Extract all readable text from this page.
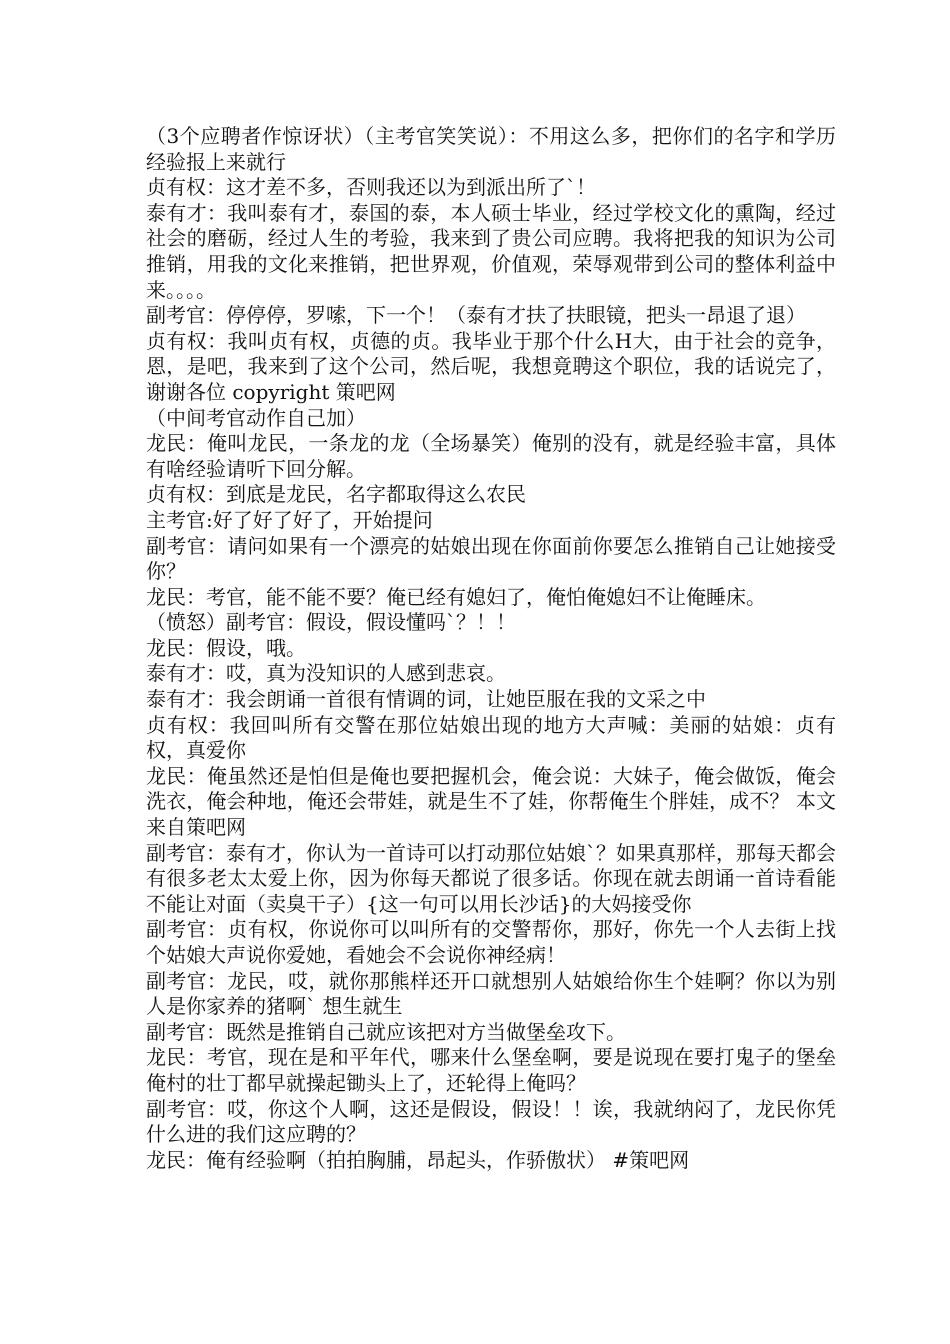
（3个应聘者作惊讶状）（主考官笑笑说）：不用这么多，把你们的名字和学历经验报上来就行

贞有权：这才差不多，否则我还以为到派出所了`！

泰有才：我叫泰有才，泰国的泰，本人硕士毕业，经过学校文化的熏陶，经过社会的磨砺，经过人生的考验，我来到了贵公司应聘。我将把我的知识为公司推销，用我的文化来推销，把世界观，价值观，荣辱观带到公司的整体利益中来。。。。

副考官：停停停，罗嗦，下一个！（泰有才扶了扶眼镜，把头一昂退了退）

贞有权：我叫贞有权，贞德的贞。我毕业于那个什么H大，由于社会的竞争，恩，是吧，我来到了这个公司，然后呢，我想竟聘这个职位，我的话说完了，谢谢各位 copyright 策吧网

（中间考官动作自己加）

龙民：俺叫龙民，一条龙的龙（全场暴笑）俺别的没有，就是经验丰富，具体有啥经验请听下回分解。

贞有权：到底是龙民，名字都取得这么农民

主考官:好了好了好了，开始提问

副考官：请问如果有一个漂亮的姑娘出现在你面前你要怎么推销自己让她接受你？

龙民：考官，能不能不要？俺已经有媳妇了，俺怕俺媳妇不让俺睡床。

（愤怒）副考官：假设，假设懂吗`？！！

龙民：假设，哦。

泰有才：哎，真为没知识的人感到悲哀。

泰有才：我会朗诵一首很有情调的词，让她臣服在我的文采之中

贞有权：我回叫所有交警在那位姑娘出现的地方大声喊：美丽的姑娘：贞有权，真爱你

龙民：俺虽然还是怕但是俺也要把握机会，俺会说：大妹子，俺会做饭，俺会洗衣，俺会种地，俺还会带娃，就是生不了娃，你帮俺生个胖娃，成不？ 本文来自策吧网

副考官：泰有才，你认为一首诗可以打动那位姑娘`？如果真那样，那每天都会有很多老太太爱上你，因为你每天都说了很多话。你现在就去朗诵一首诗看能不能让对面（卖臭干子）{这一句可以用长沙话}的大妈接受你

副考官：贞有权，你说你可以叫所有的交警帮你，那好，你先一个人去街上找个姑娘大声说你爱她，看她会不会说你神经病！

副考官：龙民，哎，就你那熊样还开口就想别人姑娘给你生个娃啊？你以为别人是你家养的猪啊` 想生就生

副考官：既然是推销自己就应该把对方当做堡垒攻下。

龙民：考官，现在是和平年代，哪来什么堡垒啊，要是说现在要打鬼子的堡垒俺村的壮丁都早就操起锄头上了，还轮得上俺吗？

副考官：哎，你这个人啊，这还是假设，假设！！诶，我就纳闷了，龙民你凭什么进的我们这应聘的？

龙民：俺有经验啊（拍拍胸脯，昂起头，作骄傲状） #策吧网
